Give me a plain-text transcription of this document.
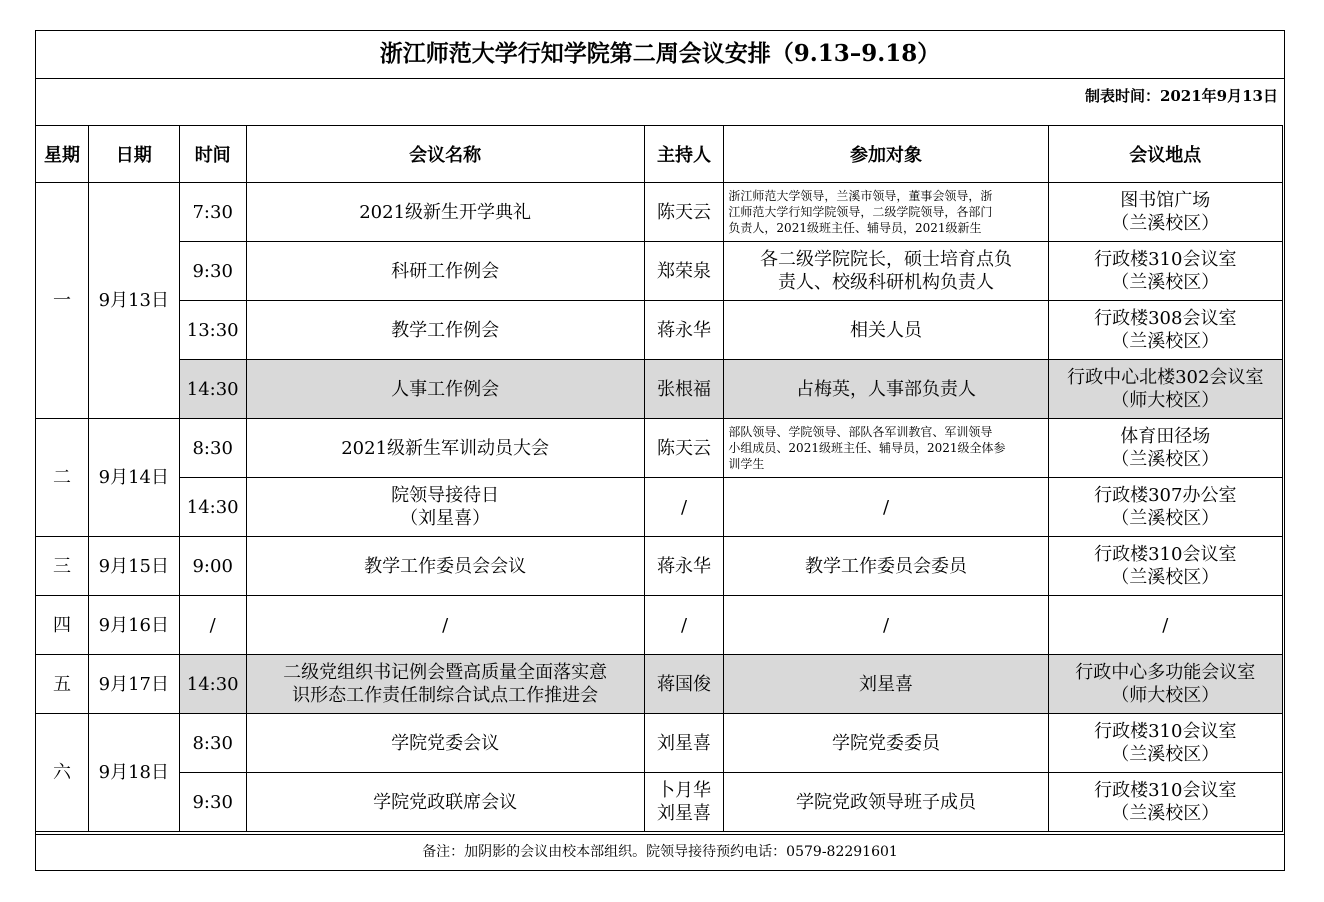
浙江师范大学行知学院第二周会议安排（9.13–9.18）
制表时间：2021年9月13日
星期	日期	时间	会议名称	主持人	参加对象	会议地点

一	9月13日	7:30	2021级新生开学典礼	陈天云	浙江师范大学领导，兰溪市领导，董事会领导，浙
江师范大学行知学院领导，二级学院领导，各部门
负责人，2021级班主任、辅导员，2021级新生	图书馆广场
（兰溪校区）

		9:30	科研工作例会	郑荣泉	各二级学院院长，硕士培育点负
责人、校级科研机构负责人	行政楼310会议室
（兰溪校区）

		13:30	教学工作例会	蒋永华	相关人员	行政楼308会议室
（兰溪校区）

		14:30	人事工作例会	张根福	占梅英，人事部负责人	行政中心北楼302会议室
（师大校区）

二	9月14日	8:30	2021级新生军训动员大会	陈天云	部队领导、学院领导、部队各军训教官、军训领导
小组成员、2021级班主任、辅导员，2021级全体参
训学生	体育田径场
（兰溪校区）

		14:30	院领导接待日
（刘星喜）	/	/	行政楼307办公室
（兰溪校区）

三	9月15日	9:00	教学工作委员会会议	蒋永华	教学工作委员会委员	行政楼310会议室
（兰溪校区）

四	9月16日	/	/	/	/	/

五	9月17日	14:30	二级党组织书记例会暨高质量全面落实意
识形态工作责任制综合试点工作推进会	蒋国俊	刘星喜	行政中心多功能会议室
（师大校区）

六	9月18日	8:30	学院党委会议	刘星喜	学院党委委员	行政楼310会议室
（兰溪校区）

		9:30	学院党政联席会议	卜月华
刘星喜	学院党政领导班子成员	行政楼310会议室
（兰溪校区）
备注：加阴影的会议由校本部组织。院领导接待预约电话：0579-82291601
